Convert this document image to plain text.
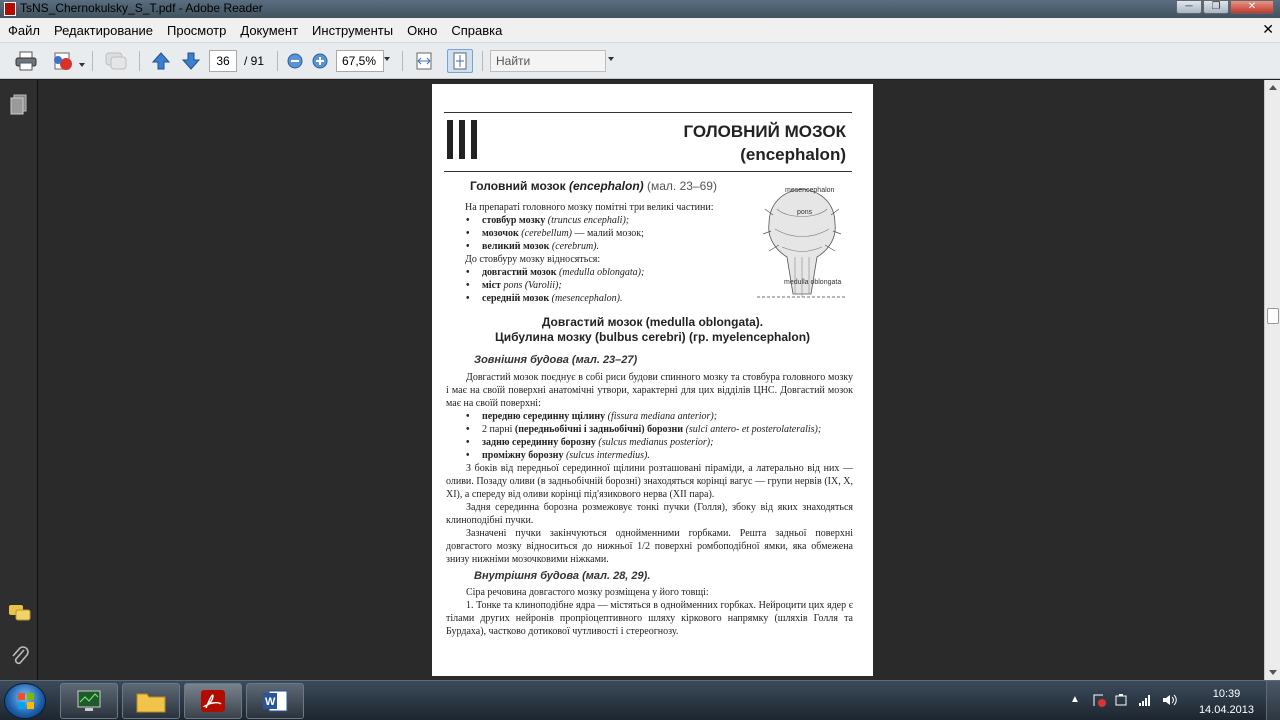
TsNS_Chernokulsky_S_T.pdf - Adobe Reader	─	❐	✕
Файл	Редактирование	Просмотр	Документ	Инструменты	Окно	Справка	✕
36	/ 91	67,5%	Найти
ГОЛОВНИЙ МОЗОК
(encephalon)
Головний мозок (encephalon) (мал. 23–69)
На препараті головного мозку помітні три великі частини:
• стовбур мозку (truncus encephali);
• мозочок (cerebellum) — малий мозок;
• великий мозок (cerebrum).
До стовбуру мозку відносяться:
• довгастий мозок (medulla oblongata);
• міст pons (Varolii);
• середній мозок (mesencephalon).
mesencephalon
pons
medulla oblongata
Довгастий мозок (medulla oblongata).
Цибулина мозку (bulbus cerebri) (гр. myelencephalon)
Зовнішня будова (мал. 23–27)

Довгастий мозок поєднує в собі риси будови спинного мозку та стовбура головного мозку і має на своїй поверхні анатомічні утвори, характерні для цих відділів ЦНС. Довгастий мозок має на своїй поверхні:

• передню серединну щілину (fissura mediana anterior);
• 2 парні (передньобічні і задньобічні) борозни (sulci antero- et posterolateralis);
• задню серединну борозну (sulcus medianus posterior);
• проміжну борозну (sulcus intermedius).

З боків від передньої серединної щілини розташовані піраміди, а латерально від них — оливи. Позаду оливи (в задньобічній борозні) знаходяться корінці вагус — групи нервів (IX, X, XI), а спереду від оливи корінці під'язикового нерва (XII пара).

Задня серединна борозна розмежовує тонкі пучки (Голля), збоку від яких знаходяться клиноподібні пучки.

Зазначені пучки закінчуються однойменними горбками. Решта задньої поверхні довгастого мозку відноситься до нижньої 1/2 поверхні ромбоподібної ямки, яка обмежена знизу нижніми мозочковими ніжками.

Внутрішня будова (мал. 28, 29).

Сіра речовина довгастого мозку розміщена у його товщі:

1. Тонке та клиноподібне ядра — містяться в однойменних горбках. Нейроцити цих ядер є тілами других нейронів пропріоцептивного шляху кіркового напрямку (шляхів Голля та Бурдаха), частково дотикової чутливості і стереогнозу.

W	▲	10:39
14.04.2013
